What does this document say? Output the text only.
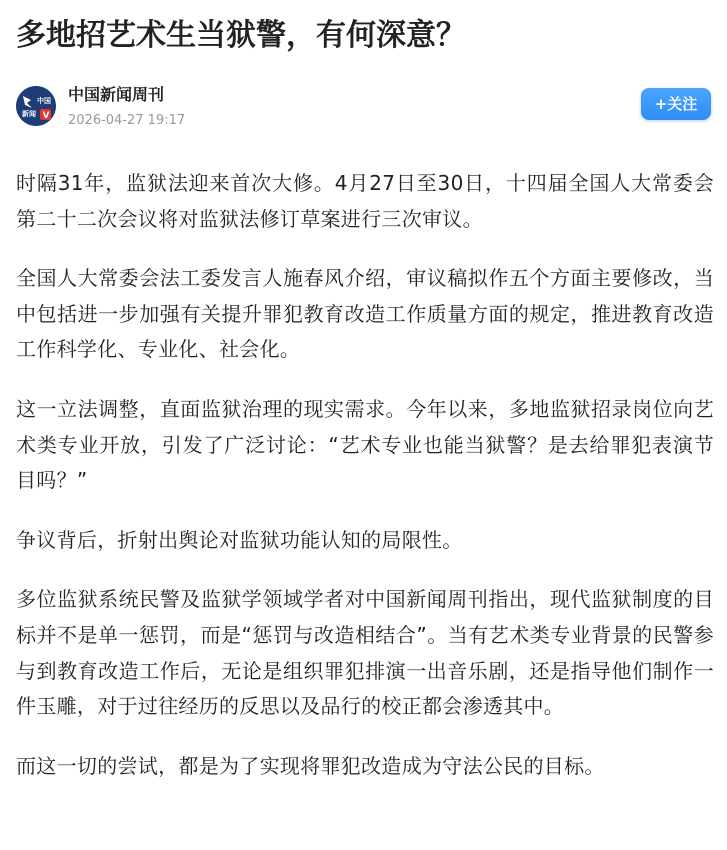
多地招艺术生当狱警，有何深意？
中国
新闻 V
中国新闻周刊
2026-04-27 19:17
+关注

时隔31年，监狱法迎来首次大修。4月27日至30日，十四届全国人大常委会第二十二次会议将对监狱法修订草案进行三次审议。

全国人大常委会法工委发言人施春风介绍，审议稿拟作五个方面主要修改，当中包括进一步加强有关提升罪犯教育改造工作质量方面的规定，推进教育改造工作科学化、专业化、社会化。

这一立法调整，直面监狱治理的现实需求。今年以来，多地监狱招录岗位向艺术类专业开放，引发了广泛讨论：“艺术专业也能当狱警？是去给罪犯表演节目吗？”

争议背后，折射出舆论对监狱功能认知的局限性。

多位监狱系统民警及监狱学领域学者对中国新闻周刊指出，现代监狱制度的目标并不是单一惩罚，而是“惩罚与改造相结合”。当有艺术类专业背景的民警参与到教育改造工作后，无论是组织罪犯排演一出音乐剧，还是指导他们制作一件玉雕，对于过往经历的反思以及品行的校正都会渗透其中。

而这一切的尝试，都是为了实现将罪犯改造成为守法公民的目标。
